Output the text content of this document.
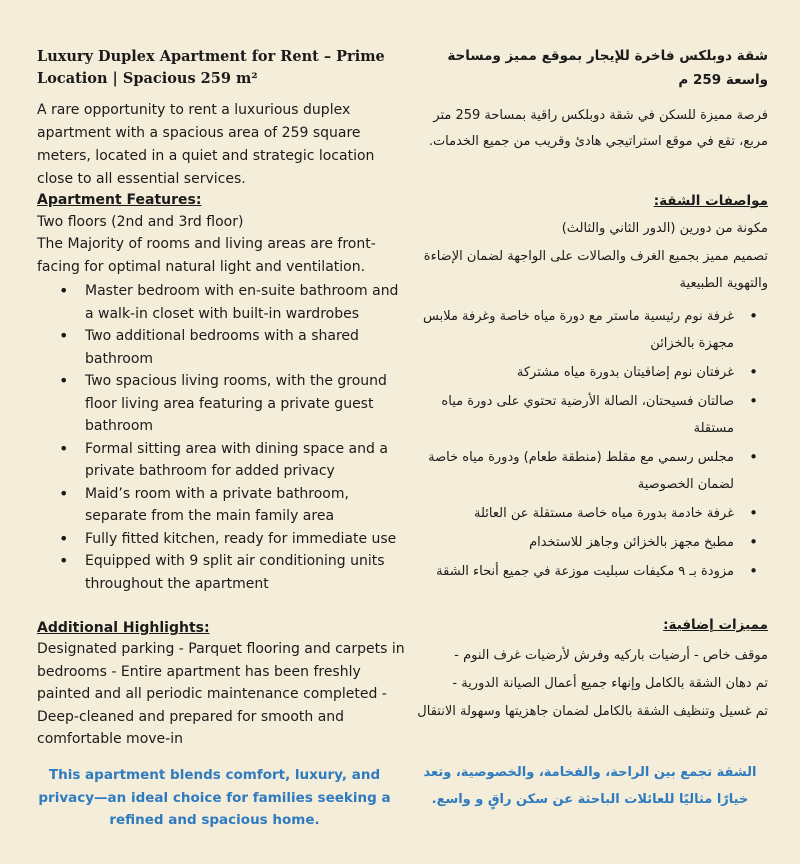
Luxury Duplex Apartment for Rent – Prime
Location | Spacious 259 m²
A rare opportunity to rent a luxurious duplex apartment with a spacious area of 259 square meters, located in a quiet and strategic location close to all essential services.
Apartment Features:
Two floors (2nd and 3rd floor)
The Majority of rooms and living areas are front-facing for optimal natural light and ventilation.
• Master bedroom with en-suite bathroom and a walk-in closet with built-in wardrobes
• Two additional bedrooms with a shared bathroom
• Two spacious living rooms, with the ground floor living area featuring a private guest bathroom
• Formal sitting area with dining space and a private bathroom for added privacy
• Maid’s room with a private bathroom, separate from the main family area
• Fully fitted kitchen, ready for immediate use
• Equipped with 9 split air conditioning units throughout the apartment
Additional Highlights:
Designated parking - Parquet flooring and carpets in bedrooms - Entire apartment has been freshly painted and all periodic maintenance completed - Deep-cleaned and prepared for smooth and comfortable move-in
This apartment blends comfort, luxury, and privacy—an ideal choice for families seeking a refined and spacious home.
شقة دوبلكس فاخرة للإيجار بموقع مميز ومساحة واسعة 259 م
فرصة مميزة للسكن في شقة دوبلكس راقية بمساحة 259 متر مربع، تقع في موقع استراتيجي هادئ وقريب من جميع الخدمات.
مواصفات الشقة:
مكونة من دورين (الدور الثاني والثالث)
تصميم مميز بجميع الغرف والصالات على الواجهة لضمان الإضاءة والتهوية الطبيعية
• غرفة نوم رئيسية ماستر مع دورة مياه خاصة وغرفة ملابس مجهزة بالخزائن
• غرفتان نوم إضافيتان بدورة مياه مشتركة
• صالتان فسيحتان، الصالة الأرضية تحتوي على دورة مياه مستقلة
• مجلس رسمي مع مقلط (منطقة طعام) ودورة مياه خاصة لضمان الخصوصية
• غرفة خادمة بدورة مياه خاصة مستقلة عن العائلة
• مطبخ مجهز بالخزائن وجاهز للاستخدام
• مزودة بـ ٩ مكيفات سبليت موزعة في جميع أنحاء الشقة
مميزات إضافية:
موقف خاص - أرضيات باركيه وفرش لأرضيات غرف النوم -
تم دهان الشقة بالكامل وإنهاء جميع أعمال الصيانة الدورية -
تم غسيل وتنظيف الشقة بالكامل لضمان جاهزيتها وسهولة الانتقال
الشقة تجمع بين الراحة، والفخامة، والخصوصية، وتعد خيارًا مثاليًا للعائلات الباحثة عن سكن راقٍ و واسع.
